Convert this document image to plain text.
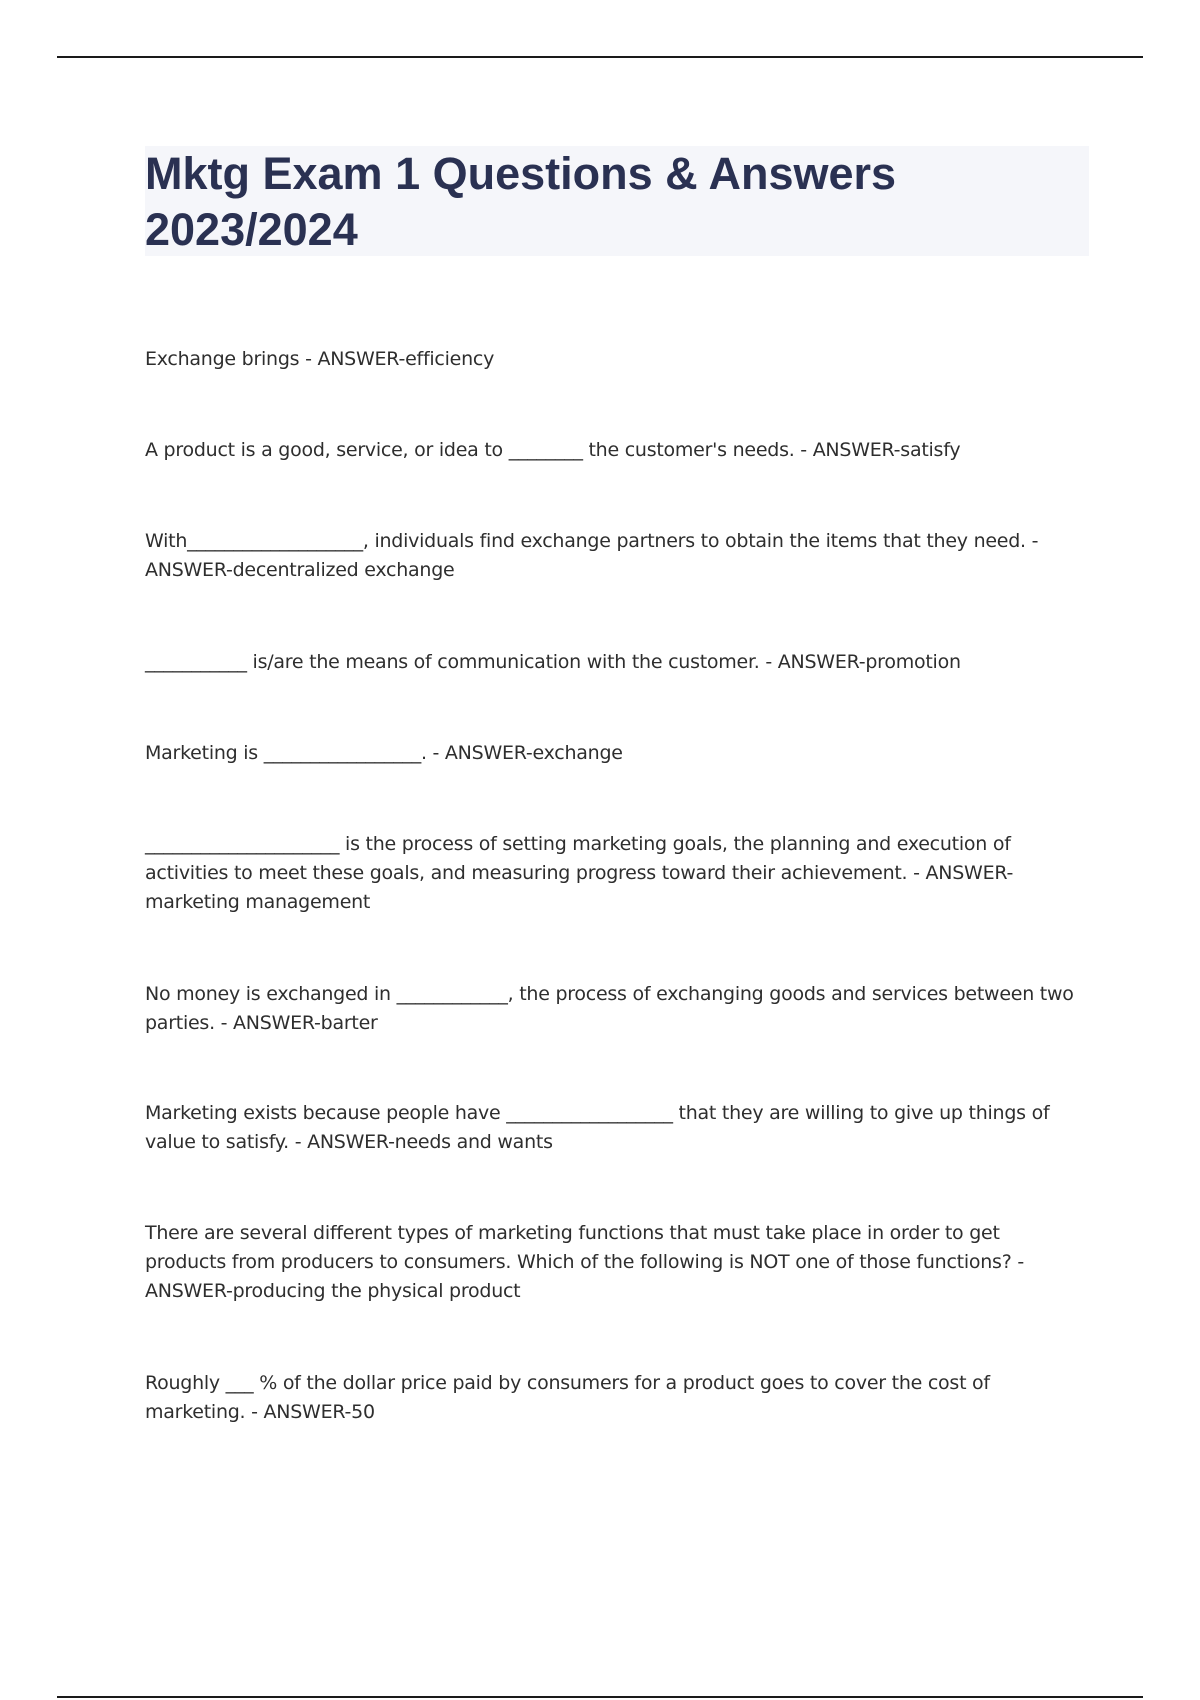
Mktg Exam 1 Questions & Answers 2023/2024

Exchange brings - ANSWER-efficiency

A product is a good, service, or idea to ________ the customer's needs. - ANSWER-satisfy

With___________________, individuals find exchange partners to obtain the items that they need. - ANSWER-decentralized exchange

___________ is/are the means of communication with the customer. - ANSWER-promotion

Marketing is _________________. - ANSWER-exchange

_____________________ is the process of setting marketing goals, the planning and execution of activities to meet these goals, and measuring progress toward their achievement. - ANSWER-marketing management

No money is exchanged in ____________, the process of exchanging goods and services between two parties. - ANSWER-barter

Marketing exists because people have __________________ that they are willing to give up things of value to satisfy. - ANSWER-needs and wants

There are several different types of marketing functions that must take place in order to get products from producers to consumers. Which of the following is NOT one of those functions? - ANSWER-producing the physical product

Roughly ___ % of the dollar price paid by consumers for a product goes to cover the cost of marketing. - ANSWER-50
